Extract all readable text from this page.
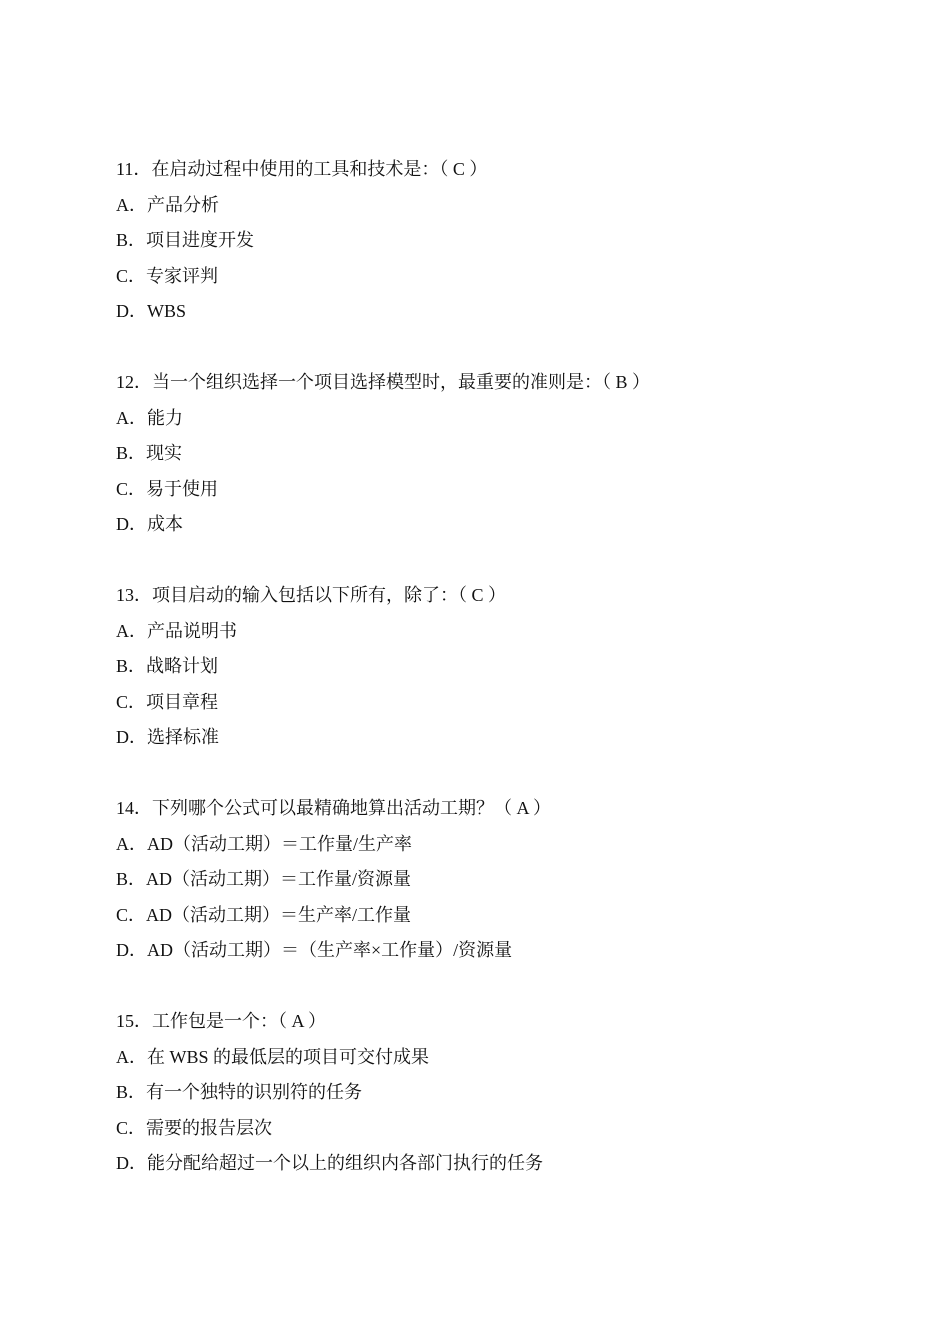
11．在启动过程中使用的工具和技术是：（ C ）
A．产品分析
B．项目进度开发
C．专家评判
D．WBS
12．当一个组织选择一个项目选择模型时，最重要的准则是：（ B ）
A．能力
B．现实
C．易于使用
D．成本
13．项目启动的输入包括以下所有，除了：（ C ）
A．产品说明书
B．战略计划
C．项目章程
D．选择标准
14．下列哪个公式可以最精确地算出活动工期？（ A ）
A．AD（活动工期）＝工作量/生产率
B．AD（活动工期）＝工作量/资源量
C．AD（活动工期）＝生产率/工作量
D．AD（活动工期）＝（生产率×工作量）/资源量
15．工作包是一个：（ A ）
A．在 WBS 的最低层的项目可交付成果
B．有一个独特的识别符的任务
C．需要的报告层次
D．能分配给超过一个以上的组织内各部门执行的任务
